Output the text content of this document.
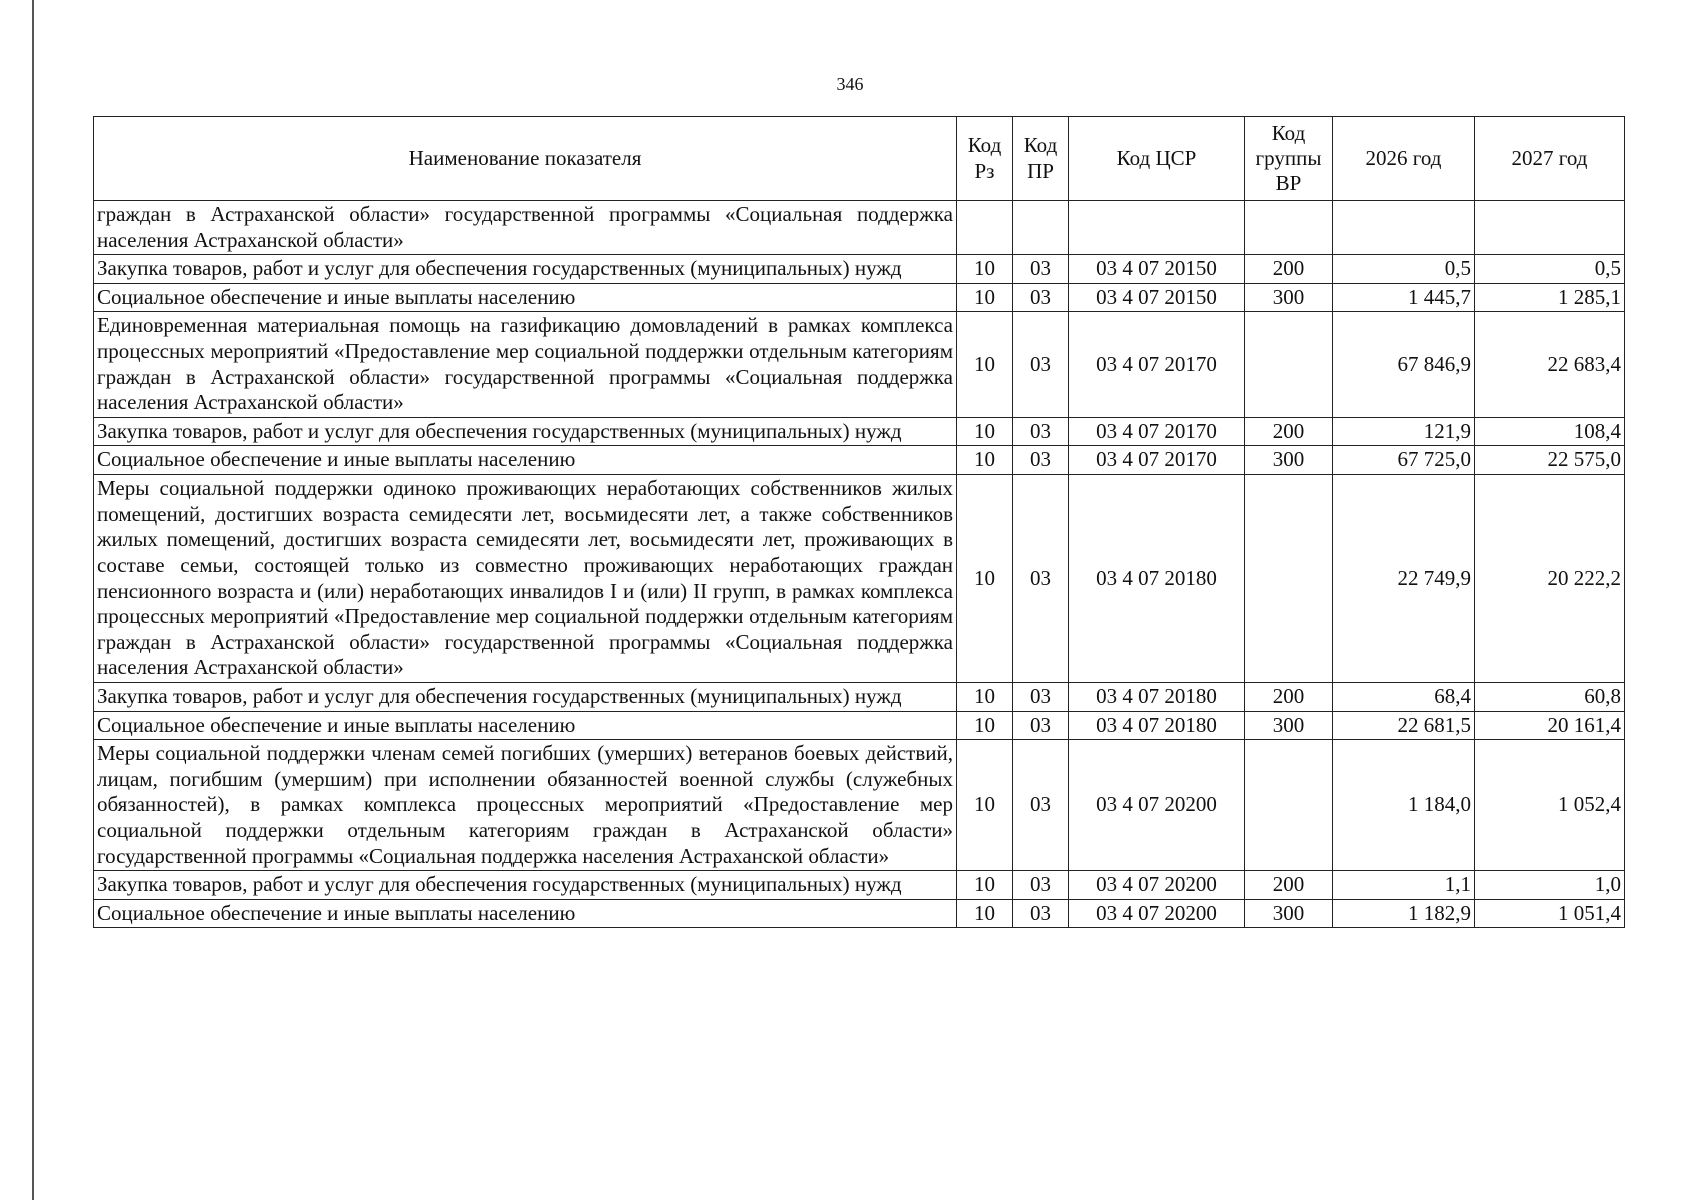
346
Наименование показателя	Код Рз	Код ПР	Код ЦСР	Код группы ВР	2026 год	2027 год
граждан в Астраханской области» государственной программы «Социальная поддержка населения Астраханской области»						
Закупка товаров, работ и услуг для обеспечения государственных (муниципальных) нужд	10	03	03 4 07 20150	200	0,5	0,5
Социальное обеспечение и иные выплаты населению	10	03	03 4 07 20150	300	1 445,7	1 285,1
Единовременная материальная помощь на газификацию домовладений в рамках комплекса процессных мероприятий «Предоставление мер социальной поддержки отдельным категориям граждан в Астраханской области» государственной программы «Социальная поддержка населения Астраханской области»	10	03	03 4 07 20170		67 846,9	22 683,4
Закупка товаров, работ и услуг для обеспечения государственных (муниципальных) нужд	10	03	03 4 07 20170	200	121,9	108,4
Социальное обеспечение и иные выплаты населению	10	03	03 4 07 20170	300	67 725,0	22 575,0
Меры социальной поддержки одиноко проживающих неработающих собственников жилых помещений, достигших возраста семидесяти лет, восьмидесяти лет, а также собственников жилых помещений, достигших возраста семидесяти лет, восьмидесяти лет, проживающих в составе семьи, состоящей только из совместно проживающих неработающих граждан пенсионного возраста и (или) неработающих инвалидов I и (или) II групп, в рамках комплекса процессных мероприятий «Предоставление мер социальной поддержки отдельным категориям граждан в Астраханской области» государственной программы «Социальная поддержка населения Астраханской области»	10	03	03 4 07 20180		22 749,9	20 222,2
Закупка товаров, работ и услуг для обеспечения государственных (муниципальных) нужд	10	03	03 4 07 20180	200	68,4	60,8
Социальное обеспечение и иные выплаты населению	10	03	03 4 07 20180	300	22 681,5	20 161,4
Меры социальной поддержки членам семей погибших (умерших) ветеранов боевых действий, лицам, погибшим (умершим) при исполнении обязанностей военной службы (служебных обязанностей), в рамках комплекса процессных мероприятий «Предоставление мер социальной поддержки отдельным категориям граждан в Астраханской области» государственной программы «Социальная поддержка населения Астраханской области»	10	03	03 4 07 20200		1 184,0	1 052,4
Закупка товаров, работ и услуг для обеспечения государственных (муниципальных) нужд	10	03	03 4 07 20200	200	1,1	1,0
Социальное обеспечение и иные выплаты населению	10	03	03 4 07 20200	300	1 182,9	1 051,4
